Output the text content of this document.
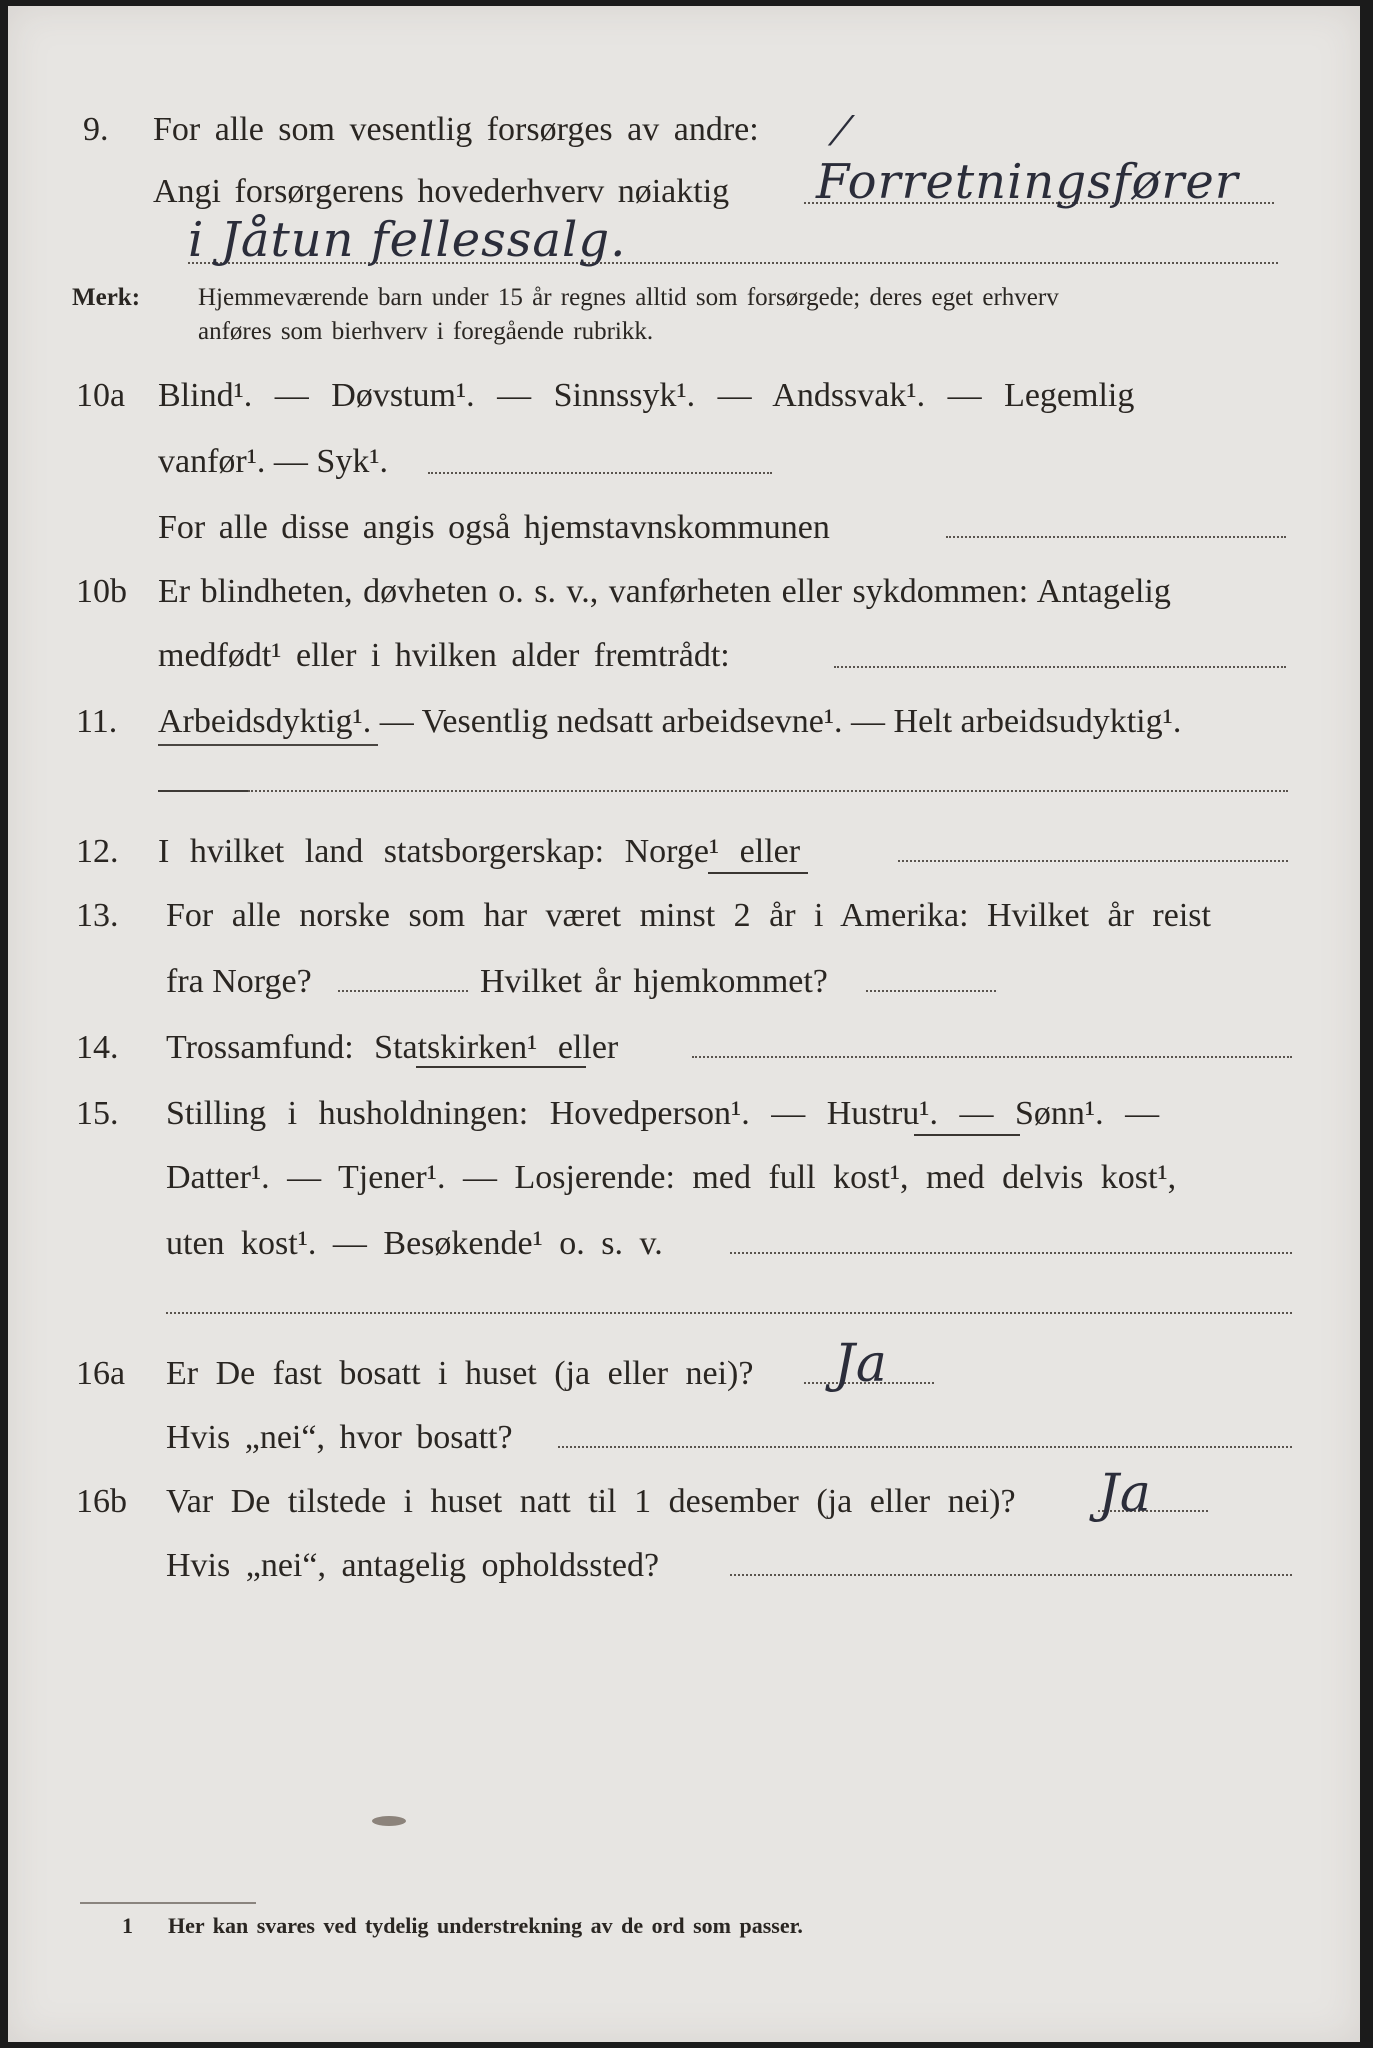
9. For alle som vesentlig forsørges av andre: ⁄
Angi forsørgerens hovederhverv nøiaktig Forretningsfører
i Jåtun fellessalg.
Merk: Hjemmeværende barn under 15 år regnes alltid som forsørgede; deres eget erhverv
anføres som bierhverv i foregående rubrikk.
10a Blind¹. — Døvstum¹. — Sinnssyk¹. — Andssvak¹. — Legemlig
vanfør¹. — Syk¹.
For alle disse angis også hjemstavnskommunen
10b Er blindheten, døvheten o. s. v., vanførheten eller sykdommen: Antagelig
medfødt¹ eller i hvilken alder fremtrådt:
11. Arbeidsdyktig¹. — Vesentlig nedsatt arbeidsevne¹. — Helt arbeidsudyktig¹.
12. I hvilket land statsborgerskap: Norge¹ eller
13. For alle norske som har været minst 2 år i Amerika: Hvilket år reist
fra Norge?	Hvilket år hjemkommet?
14. Trossamfund: Statskirken¹ eller
15. Stilling i husholdningen: Hovedperson¹. — Hustru¹. — Sønn¹. —
Datter¹. — Tjener¹. — Losjerende: med full kost¹, med delvis kost¹,
uten kost¹. — Besøkende¹ o. s. v.
16a Er De fast bosatt i huset (ja eller nei)? Ja
Hvis „nei“, hvor bosatt?
16b Var De tilstede i huset natt til 1 desember (ja eller nei)? Ja
Hvis „nei“, antagelig opholdssted?
1 Her kan svares ved tydelig understrekning av de ord som passer.
